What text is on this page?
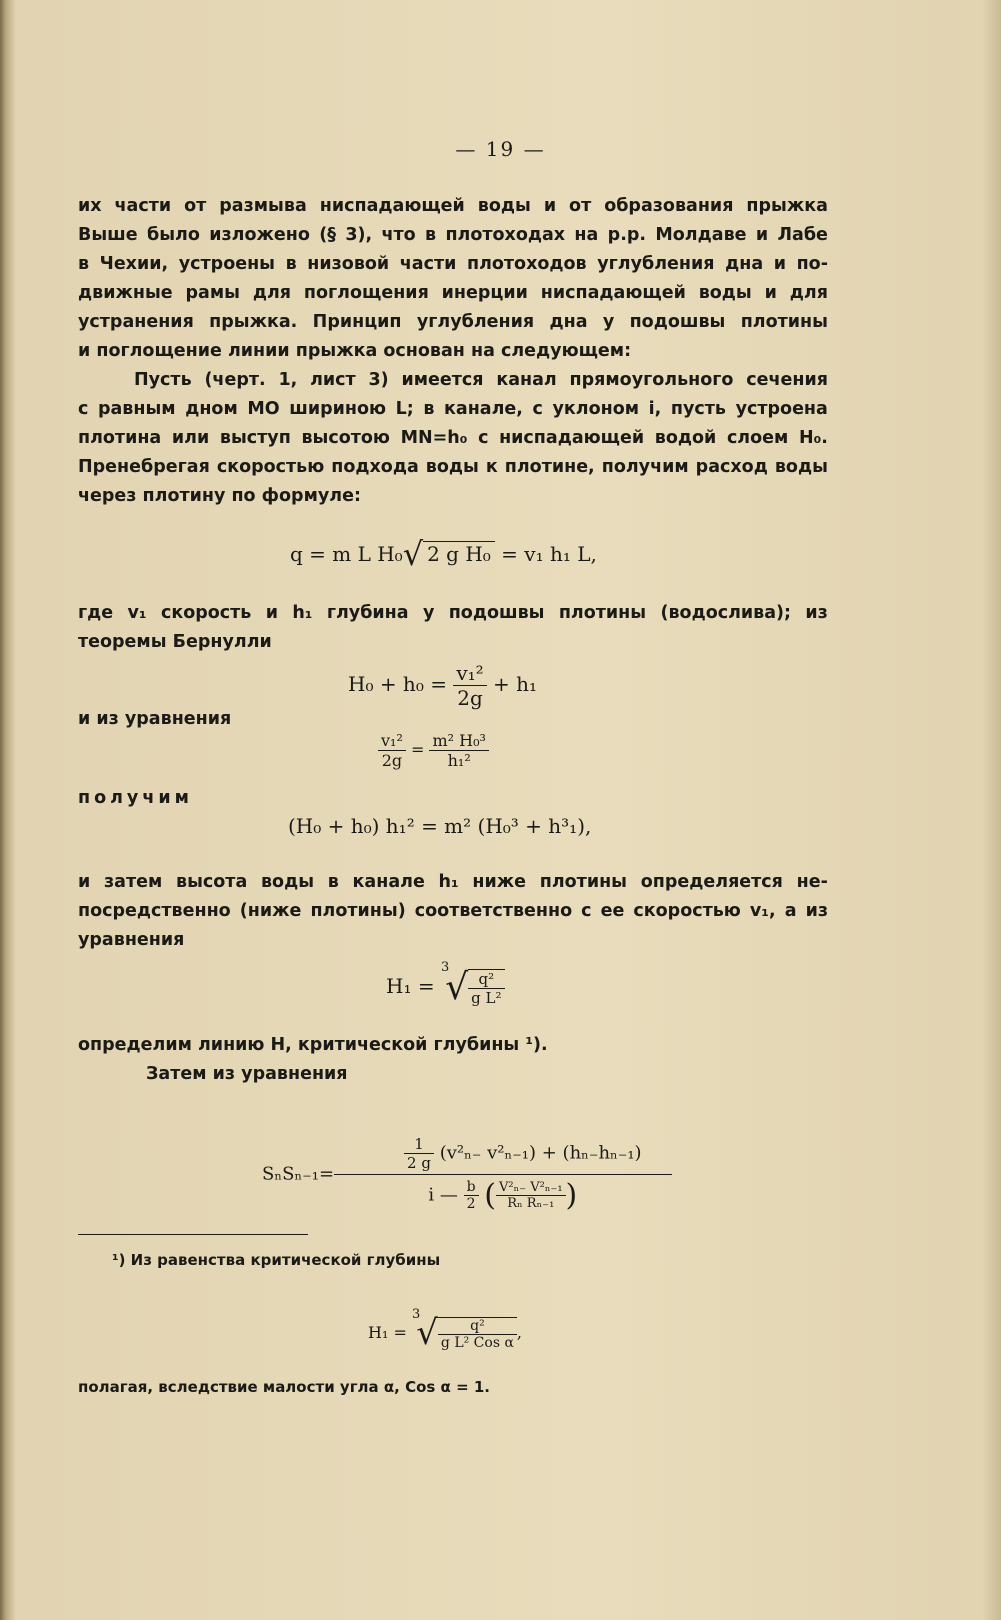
— 19 —
их части от размыва ниспадающей воды и от образования прыжка
Выше было изложено (§ 3), что в плотоходах на р.р. Молдаве и Лабе
в Чехии, устроены в низовой части плотоходов углубления дна и по-
движные рамы для поглощения инерции ниспадающей воды и для
устранения прыжка. Принцип углубления дна у подошвы плотины
и поглощение линии прыжка основан на следующем:
Пусть (черт. 1, лист 3) имеется канал прямоугольного сечения
с равным дном МО шириною L; в канале, с уклоном i, пусть устроена
плотина или выступ высотою MN=h₀ с ниспадающей водой слоем H₀.
Пренебрегая скоростью подхода воды к плотине, получим расход воды
через плотину по формуле:
q = m L H₀√ 2 g H₀ = v₁ h₁ L,
где v₁ скорость и h₁ глубина у подошвы плотины (водослива); из
теоремы Бернулли
$H_0 + h_0 = \frac{\text{v₁²}}{2g} + h_1$
и из уравнения
$\frac{\text{v₁²}}{2g} = \frac{\text{m² H₀³}}{\text{h₁²}}$
получим
(H₀ + h₀) h₁² = m² (H₀³ + h³₁),
и затем высота воды в канале h₁ ниже плотины определяется не-
посредственно (ниже плотины) соответственно с ее скоростью v₁, а из
уравнения
$H_1 = ^3√ \frac{\text{q²}}{\text{g L²}}$
определим линию H, критической глубины ¹).
Затем из уравнения
$S_nS_{n-1}= \frac{\frac{1}{2 g} (v^2_{n-} v^2_{n-1}) + (h_{n-}h_{n-1})}{i — \frac{b}{2} ( \frac{\text{V²ₙ₋ V²ₙ₋₁}}{\text{Rₙ Rₙ₋₁}} )}$
¹) Из равенства критической глубины
$H_1 = ^3√ \frac{\text{q²}}{\text{g L² Cos α}}$ ,
полагая, вследствие малости угла α, Cos α = 1.
